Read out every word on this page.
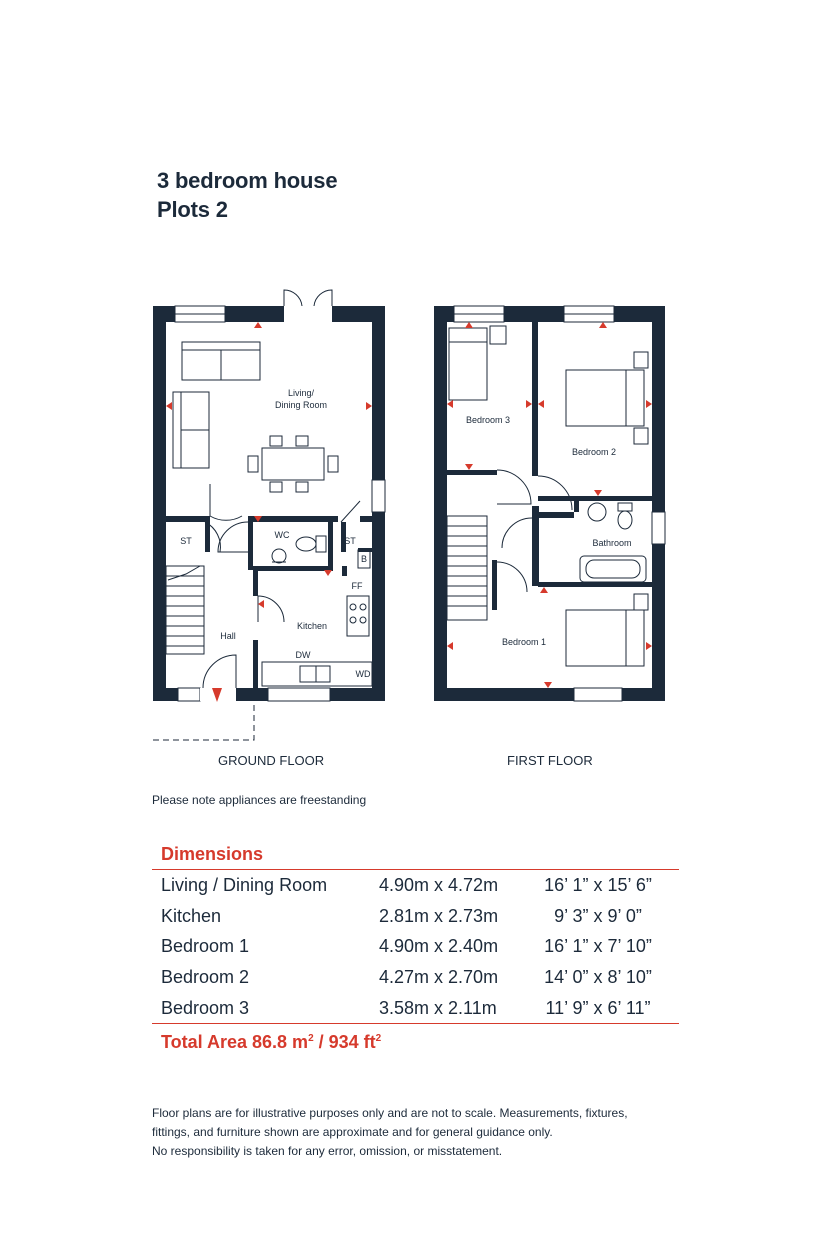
3 bedroom house
Plots 2
Living/
Dining Room
WC
ST	ST
B
FF
Kitchen
Hall
DW
WD
Bedroom 3
Bedroom 2
Bathroom
Bedroom 1
GROUND FLOOR	FIRST FLOOR
Please note appliances are freestanding
Dimensions
Living / Dining Room	4.90m x 4.72m	16’ 1” x 15’ 6”
Kitchen	2.81m x 2.73m	9’ 3” x 9’ 0”
Bedroom 1	4.90m x 2.40m	16’ 1” x 7’ 10”
Bedroom 2	4.27m x 2.70m	14’ 0” x 8’ 10”
Bedroom 3	3.58m x 2.11m	11’ 9” x 6’ 11”
Total Area 86.8 $m^2 / 934$ $ft^2$
Floor plans are for illustrative purposes only and are not to scale. Measurements, fixtures,
fittings, and furniture shown are approximate and for general guidance only.
No responsibility is taken for any error, omission, or misstatement.
